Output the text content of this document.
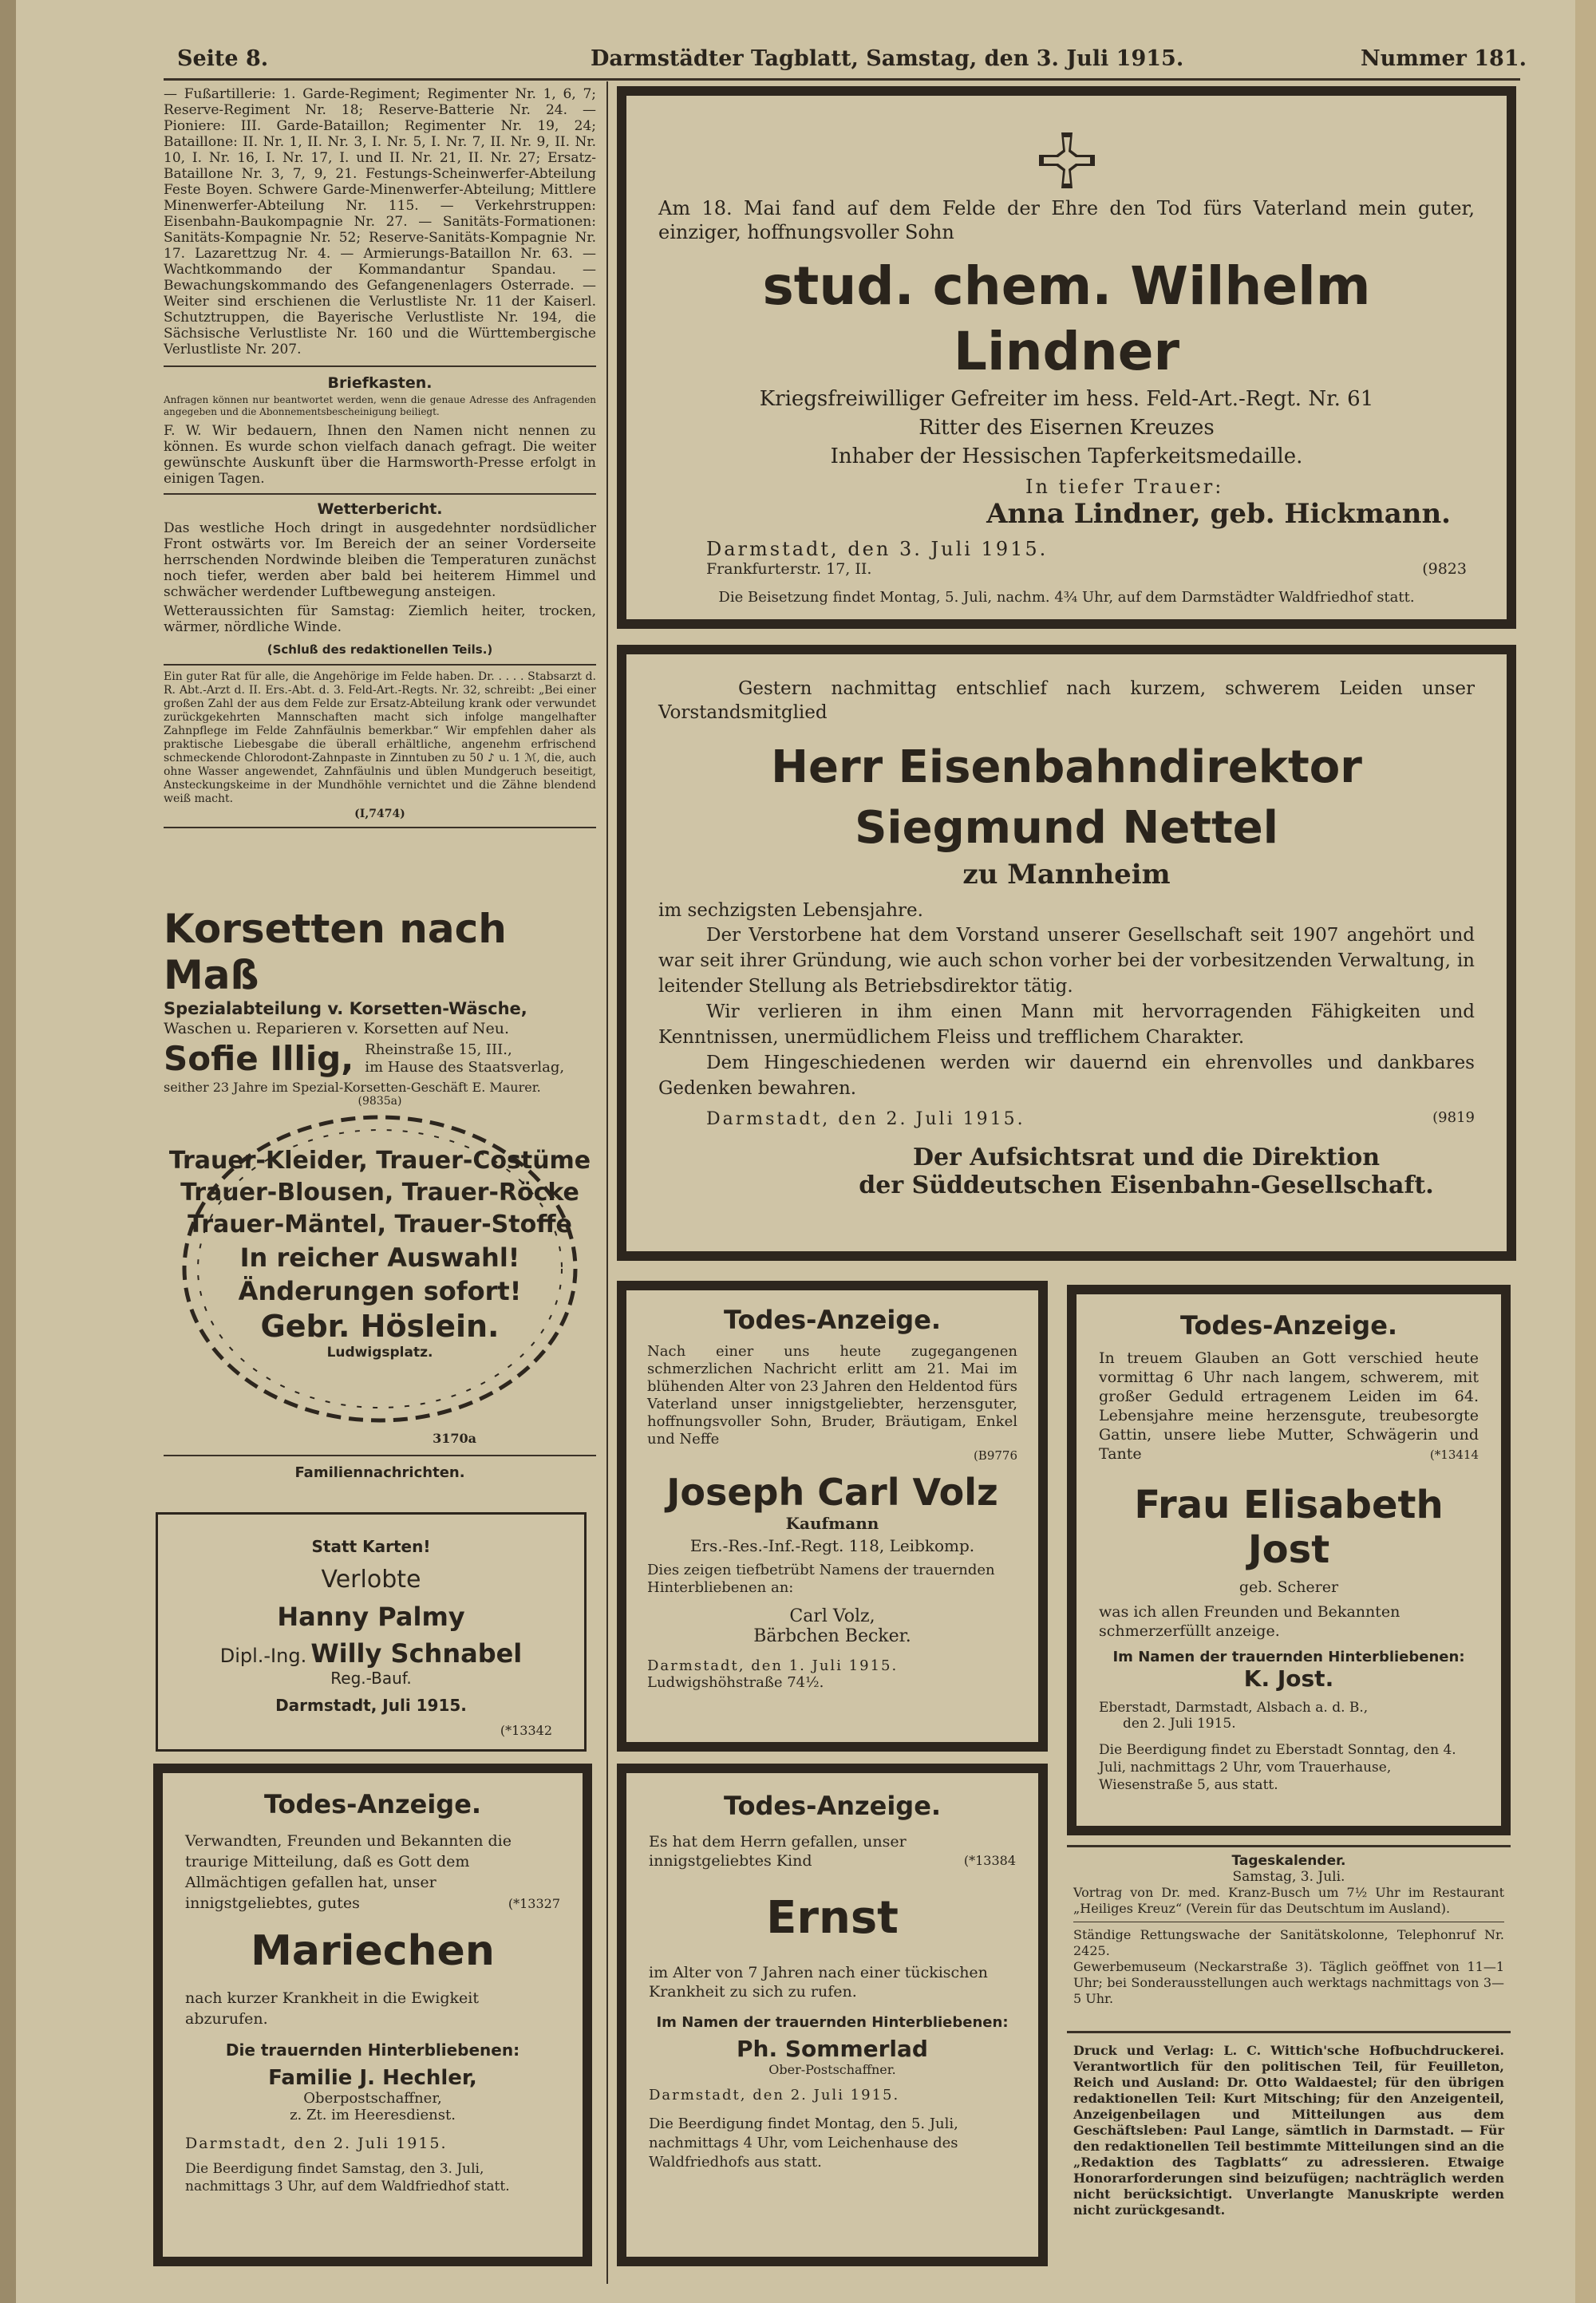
Seite 8.	Darmstädter Tagblatt, Samstag, den 3. Juli 1915.	Nummer 181.

— Fußartillerie: 1. Garde-Regiment; Regimenter Nr. 1, 6, 7; Reserve-Regiment Nr. 18; Reserve-Batterie Nr. 24. — Pioniere: III. Garde-Bataillon; Regimenter Nr. 19, 24; Bataillone: II. Nr. 1, II. Nr. 3, I. Nr. 5, I. Nr. 7, II. Nr. 9, II. Nr. 10, I. Nr. 16, I. Nr. 17, I. und II. Nr. 21, II. Nr. 27; Ersatz-Bataillone Nr. 3, 7, 9, 21. Festungs-Scheinwerfer-Abteilung Feste Boyen. Schwere Garde-Minenwerfer-Abteilung; Mittlere Minenwerfer-Abteilung Nr. 115. — Verkehrstruppen: Eisenbahn-Baukompagnie Nr. 27. — Sanitäts-Formationen: Sanitäts-Kompagnie Nr. 52; Reserve-Sanitäts-Kompagnie Nr. 17. Lazarettzug Nr. 4. — Armierungs-Bataillon Nr. 63. — Wachtkommando der Kommandantur Spandau. — Bewachungskommando des Gefangenenlagers Osterrade. — Weiter sind erschienen die Verlustliste Nr. 11 der Kaiserl. Schutztruppen, die Bayerische Verlustliste Nr. 194, die Sächsische Verlustliste Nr. 160 und die Württembergische Verlustliste Nr. 207.

Briefkasten.

Anfragen können nur beantwortet werden, wenn die genaue Adresse des Anfragenden angegeben und die Abonnementsbescheinigung beiliegt.

F. W. Wir bedauern, Ihnen den Namen nicht nennen zu können. Es wurde schon vielfach danach gefragt. Die weiter gewünschte Auskunft über die Harmsworth-Presse erfolgt in einigen Tagen.

Wetterbericht.

Das westliche Hoch dringt in ausgedehnter nordsüdlicher Front ostwärts vor. Im Bereich der an seiner Vorderseite herrschenden Nordwinde bleiben die Temperaturen zunächst noch tiefer, werden aber bald bei heiterem Himmel und schwächer werdender Luftbewegung ansteigen.

Wetteraussichten für Samstag: Ziemlich heiter, trocken, wärmer, nördliche Winde.

(Schluß des redaktionellen Teils.)

Ein guter Rat für alle, die Angehörige im Felde haben. Dr. . . . . Stabsarzt d. R. Abt.-Arzt d. II. Ers.-Abt. d. 3. Feld-Art.-Regts. Nr. 32, schreibt: „Bei einer großen Zahl der aus dem Felde zur Ersatz-Abteilung krank oder verwundet zurückgekehrten Mannschaften macht sich infolge mangelhafter Zahnpflege im Felde Zahnfäulnis bemerkbar.“ Wir empfehlen daher als praktische Liebesgabe die überall erhältliche, angenehm erfrischend schmeckende Chlorodont-Zahnpaste in Zinntuben zu 50 ♪ u. 1 ℳ, die, auch ohne Wasser angewendet, Zahnfäulnis und üblen Mundgeruch beseitigt, Ansteckungskeime in der Mundhöhle vernichtet und die Zähne blendend weiß macht.

(I,7474)
Korsetten nach Maß
Spezialabteilung v. Korsetten-Wäsche,
Waschen u. Reparieren v. Korsetten auf Neu.
Sofie Illig, Rheinstraße 15, III.,
im Hause des Staatsverlag,
seither 23 Jahre im Spezial-Korsetten-Geschäft E. Maurer.
(9835a)
Trauer-Kleider, Trauer-Costüme
Trauer-Blousen, Trauer-Röcke
Trauer-Mäntel, Trauer-Stoffe
In reicher Auswahl!
Änderungen sofort!
Gebr. Höslein.
Ludwigsplatz.
3170a
Familiennachrichten.
Statt Karten!
Verlobte
Hanny Palmy
Dipl.-Ing. Willy Schnabel
Reg.-Bauf.
Darmstadt, Juli 1915.
(*13342
Todes-Anzeige.

Verwandten, Freunden und Bekannten die traurige Mitteilung, daß es Gott dem Allmächtigen gefallen hat, unser innigstgeliebtes, gutes	(*13327
Mariechen

nach kurzer Krankheit in die Ewigkeit abzurufen.

Die trauernden Hinterbliebenen:
Familie J. Hechler,
Oberpostschaffner,
z. Zt. im Heeresdienst.
Darmstadt, den 2. Juli 1915.

Die Beerdigung findet Samstag, den 3. Juli, nachmittags 3 Uhr, auf dem Waldfriedhof statt.

Am 18. Mai fand auf dem Felde der Ehre den Tod fürs Vaterland mein guter, einziger, hoffnungsvoller Sohn

stud. chem. Wilhelm Lindner
Kriegsfreiwilliger Gefreiter im hess. Feld-Art.-Regt. Nr. 61
Ritter des Eisernen Kreuzes
Inhaber der Hessischen Tapferkeitsmedaille.
In tiefer Trauer:
Anna Lindner, geb. Hickmann.
Darmstadt, den 3. Juli 1915.
Frankfurterstr. 17, II.	(9823
Die Beisetzung findet Montag, 5. Juli, nachm. 4¾ Uhr, auf dem Darmstädter Waldfriedhof statt.

Gestern nachmittag entschlief nach kurzem, schwerem Leiden unser Vorstandsmitglied

Herr Eisenbahndirektor Siegmund Nettel
zu Mannheim
im sechzigsten Lebensjahre.

Der Verstorbene hat dem Vorstand unserer Gesellschaft seit 1907 angehört und war seit ihrer Gründung, wie auch schon vorher bei der vorbesitzenden Verwaltung, in leitender Stellung als Betriebsdirektor tätig.

Wir verlieren in ihm einen Mann mit hervorragenden Fähigkeiten und Kenntnissen, unermüdlichem Fleiss und trefflichem Charakter.

Dem Hingeschiedenen werden wir dauernd ein ehrenvolles und dankbares Gedenken bewahren.

Darmstadt, den 2. Juli 1915.	(9819
Der Aufsichtsrat und die Direktion
der Süddeutschen Eisenbahn-Gesellschaft.
Todes-Anzeige.

Nach einer uns heute zugegangenen schmerzlichen Nachricht erlitt am 21. Mai im blühenden Alter von 23 Jahren den Heldentod fürs Vaterland unser innigstgeliebter, herzensguter, hoffnungsvoller Sohn, Bruder, Bräutigam, Enkel und Neffe

(B9776
Joseph Carl Volz
Kaufmann
Ers.-Res.-Inf.-Regt. 118, Leibkomp.

Dies zeigen tiefbetrübt Namens der trauernden Hinterbliebenen an:

Carl Volz,
Bärbchen Becker.
Darmstadt, den 1. Juli 1915.
Ludwigshöhstraße 74½.
Todes-Anzeige.

Es hat dem Herrn gefallen, unser innigstgeliebtes Kind	(*13384
Ernst

im Alter von 7 Jahren nach einer tückischen Krankheit zu sich zu rufen.

Im Namen der trauernden Hinterbliebenen:
Ph. Sommerlad
Ober-Postschaffner.
Darmstadt, den 2. Juli 1915.

Die Beerdigung findet Montag, den 5. Juli, nachmittags 4 Uhr, vom Leichenhause des Waldfriedhofs aus statt.

Todes-Anzeige.

In treuem Glauben an Gott verschied heute vormittag 6 Uhr nach langem, schwerem, mit großer Geduld ertragenem Leiden im 64. Lebensjahre meine herzensgute, treubesorgte Gattin, unsere liebe Mutter, Schwägerin und Tante	(*13414
Frau Elisabeth Jost
geb. Scherer

was ich allen Freunden und Bekannten schmerzerfüllt anzeige.

Im Namen der trauernden Hinterbliebenen:
K. Jost.
Eberstadt, Darmstadt, Alsbach a. d. B.,
den 2. Juli 1915.

Die Beerdigung findet zu Eberstadt Sonntag, den 4. Juli, nachmittags 2 Uhr, vom Trauerhause, Wiesenstraße 5, aus statt.

Tageskalender.
Samstag, 3. Juli.

Vortrag von Dr. med. Kranz-Busch um 7½ Uhr im Restaurant „Heiliges Kreuz“ (Verein für das Deutschtum im Ausland).

Ständige Rettungswache der Sanitätskolonne, Telephonruf Nr. 2425.

Gewerbemuseum (Neckarstraße 3). Täglich geöffnet von 11—1 Uhr; bei Sonderausstellungen auch werktags nachmittags von 3—5 Uhr.

Druck und Verlag: L. C. Wittich'sche Hofbuchdruckerei. Verantwortlich für den politischen Teil, für Feuilleton, Reich und Ausland: Dr. Otto Waldaestel; für den übrigen redaktionellen Teil: Kurt Mitsching; für den Anzeigenteil, Anzeigenbeilagen und Mitteilungen aus dem Geschäftsleben: Paul Lange, sämtlich in Darmstadt. — Für den redaktionellen Teil bestimmte Mitteilungen sind an die „Redaktion des Tagblatts“ zu adressieren. Etwaige Honorarforderungen sind beizufügen; nachträglich werden nicht berücksichtigt. Unverlangte Manuskripte werden nicht zurückgesandt.
